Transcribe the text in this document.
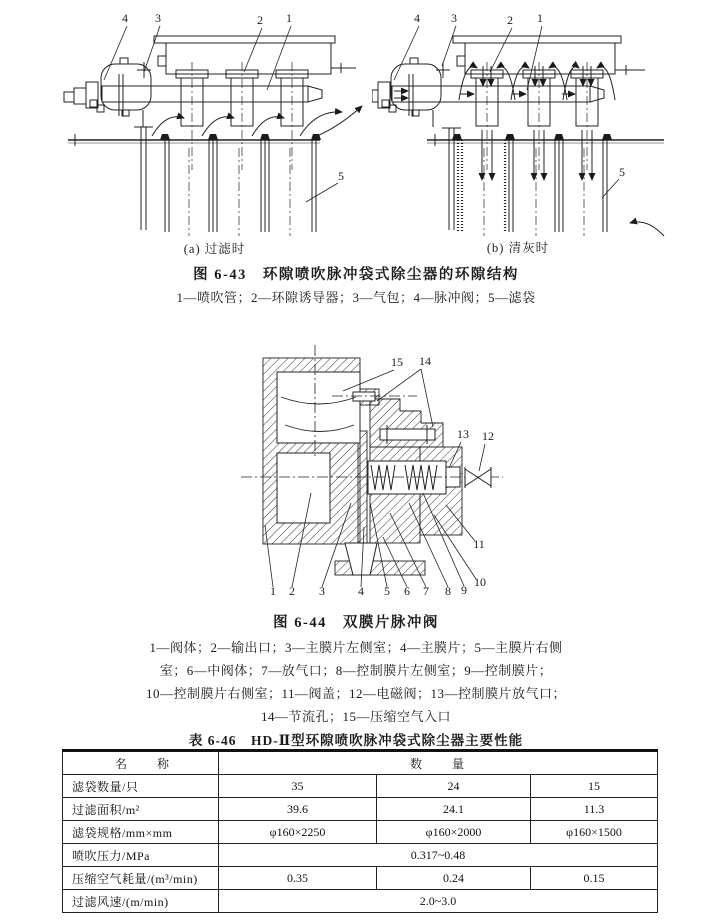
4 3	2 1
5
4	3	2 1
5
(a) 过滤时	(b) 清灰时
图 6-43　环隙喷吹脉冲袋式除尘器的环隙结构
1—喷吹管；2—环隙诱导器；3—气包；4—脉冲阀；5—滤袋
1 2 3	4 5 6 7 8 9
10
11
12
13
14
15
图 6-44　双膜片脉冲阀
1—阀体；2—输出口；3—主膜片左侧室；4—主膜片；5—主膜片右侧
室；6—中阀体；7—放气口；8—控制膜片左侧室；9—控制膜片；
10—控制膜片右侧室；11—阀盖；12—电磁阀；13—控制膜片放气口；
14—节流孔；15—压缩空气入口
表 6-46　HD-Ⅱ型环隙喷吹脉冲袋式除尘器主要性能
名　　称	数　　量		
滤袋数量/只	35	24	15
过滤面积/m²	39.6	24.1	11.3
滤袋规格/mm×mm	φ160×2250	φ160×2000	φ160×1500
喷吹压力/MPa	0.317~0.48		
压缩空气耗量/(m³/min)	0.35	0.24	0.15
过滤风速/(m/min)	2.0~3.0		
